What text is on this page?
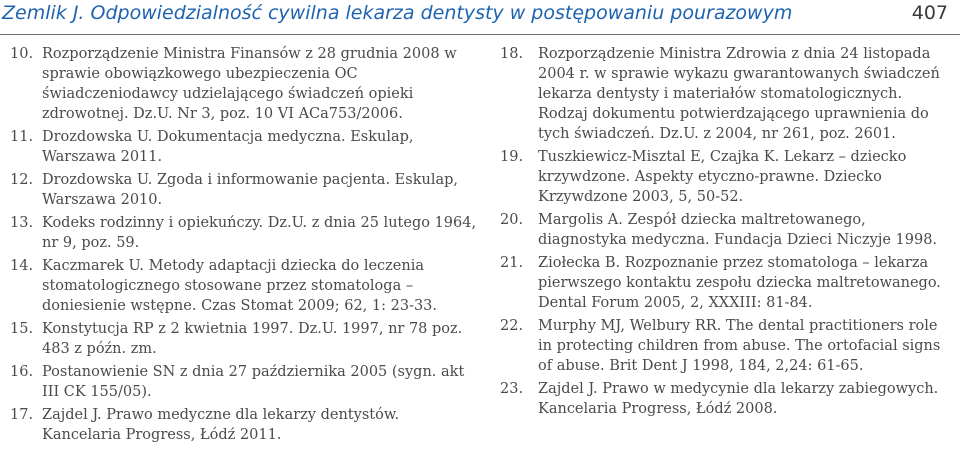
Zemlik J. Odpowiedzialność cywilna lekarza dentysty w postępowaniu pourazowym	407
10. Rozporządzenie Ministra Finansów z 28 grudnia 2008 w sprawie obowiązkowego ubezpieczenia OC świadczeniodawcy udzielającego świadczeń opieki zdrowotnej. Dz.U. Nr 3, poz. 10 VI ACa753/2006.
11. Drozdowska U. Dokumentacja medyczna. Eskulap, Warszawa 2011.
12. Drozdowska U. Zgoda i informowanie pacjenta. Eskulap, Warszawa 2010.
13. Kodeks rodzinny i opiekuńczy. Dz.U. z dnia 25 lutego 1964, nr 9, poz. 59.
14. Kaczmarek U. Metody adaptacji dziecka do leczenia stomatologicznego stosowane przez stomatologa – doniesienie wstępne. Czas Stomat 2009; 62, 1: 23-33.
15. Konstytucja RP z 2 kwietnia 1997. Dz.U. 1997, nr 78 poz. 483 z późn. zm.
16. Postanowienie SN z dnia 27 października 2005 (sygn. akt III CK 155/05).
17. Zajdel J. Prawo medyczne dla lekarzy dentystów. Kancelaria Progress, Łódź 2011.
18. Rozporządzenie Ministra Zdrowia z dnia 24 listopada 2004 r. w sprawie wykazu gwarantowanych świadczeń lekarza dentysty i materiałów stomatologicznych. Rodzaj dokumentu potwierdzającego uprawnienia do tych świadczeń. Dz.U. z 2004, nr 261, poz. 2601.
19. Tuszkiewicz-Misztal E, Czajka K. Lekarz – dziecko krzywdzone. Aspekty etyczno-prawne. Dziecko Krzywdzone 2003, 5, 50-52.
20. Margolis A. Zespół dziecka maltretowanego, diagnostyka medyczna. Fundacja Dzieci Niczyje 1998.
21. Ziołecka B. Rozpoznanie przez stomatologa – lekarza pierwszego kontaktu zespołu dziecka maltretowanego. Dental Forum 2005, 2, XXXIII: 81-84.
22. Murphy MJ, Welbury RR. The dental practitioners role in protecting children from abuse. The ortofacial signs of abuse. Brit Dent J 1998, 184, 2,24: 61-65.
23. Zajdel J. Prawo w medycynie dla lekarzy zabiegowych. Kancelaria Progress, Łódź 2008.
